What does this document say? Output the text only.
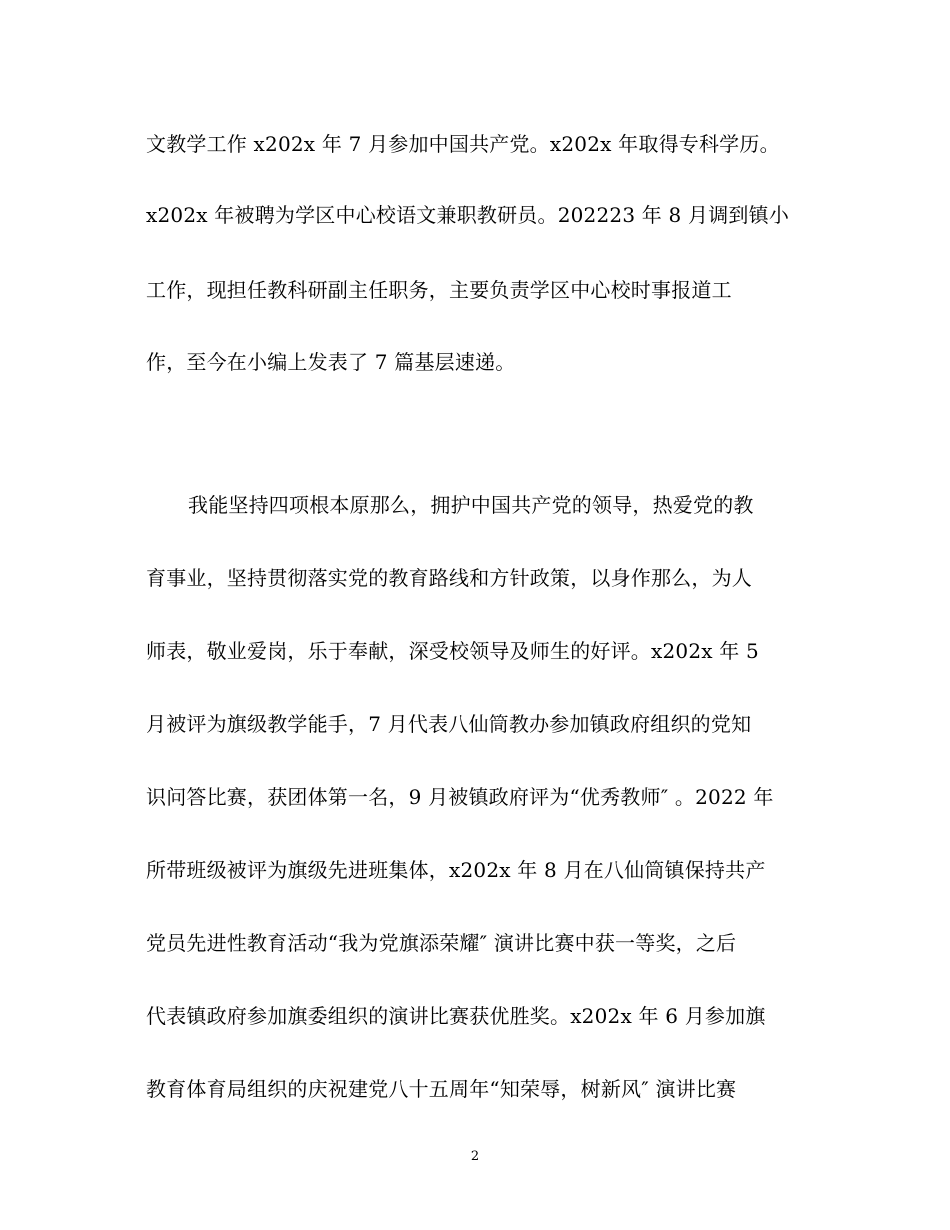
文教学工作 x202x 年 7 月参加中国共产党。x202x 年取得专科学历。
x202x 年被聘为学区中心校语文兼职教研员。202223 年 8 月调到镇小
工作，现担任教科研副主任职务，主要负责学区中心校时事报道工
作，至今在小编上发表了 7 篇基层速递。
我能坚持四项根本原那么，拥护中国共产党的领导，热爱党的教
育事业，坚持贯彻落实党的教育路线和方针政策，以身作那么，为人
师表，敬业爱岗，乐于奉献，深受校领导及师生的好评。x202x 年 5
月被评为旗级教学能手，7 月代表八仙筒教办参加镇政府组织的党知
识问答比赛，获团体第一名，9 月被镇政府评为“优秀教师″ 。2022 年
所带班级被评为旗级先进班集体，x202x 年 8 月在八仙筒镇保持共产
党员先进性教育活动“我为党旗添荣耀″ 演讲比赛中获一等奖，之后
代表镇政府参加旗委组织的演讲比赛获优胜奖。x202x 年 6 月参加旗
教育体育局组织的庆祝建党八十五周年“知荣辱，树新风″ 演讲比赛
2
